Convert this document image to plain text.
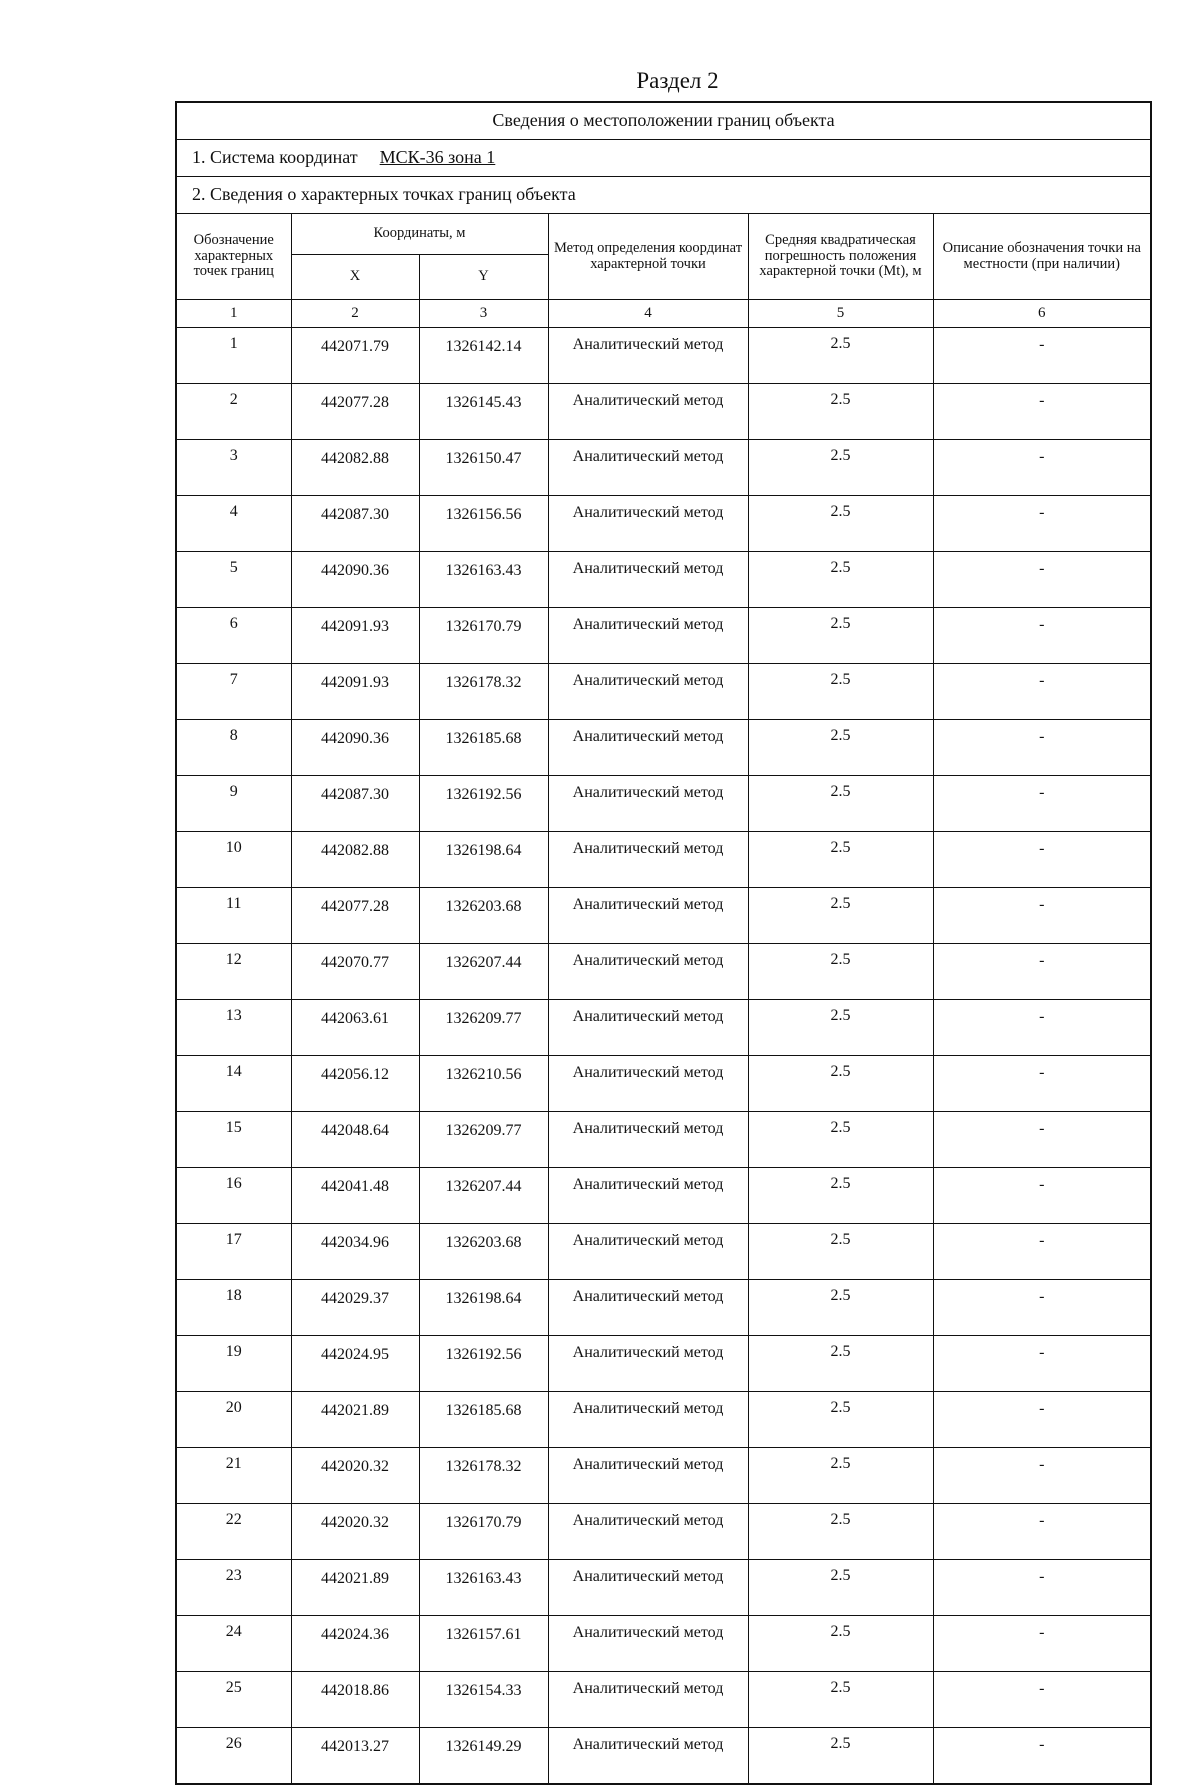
Раздел 2
Сведения о местоположении границ объекта					
1. Система координат МСК-36 зона 1					
2. Сведения о характерных точках границ объекта					
Обозначение характерных точек границ	Координаты, м		Метод определения координат характерной точки	Средняя квадратическая погрешность положения характерной точки (Mt), м	Описание обозначения точки на местности (при наличии)
	X	Y			
1	2	3	4	5	6
1	442071.79	1326142.14	Аналитический метод	2.5	-
2	442077.28	1326145.43	Аналитический метод	2.5	-
3	442082.88	1326150.47	Аналитический метод	2.5	-
4	442087.30	1326156.56	Аналитический метод	2.5	-
5	442090.36	1326163.43	Аналитический метод	2.5	-
6	442091.93	1326170.79	Аналитический метод	2.5	-
7	442091.93	1326178.32	Аналитический метод	2.5	-
8	442090.36	1326185.68	Аналитический метод	2.5	-
9	442087.30	1326192.56	Аналитический метод	2.5	-
10	442082.88	1326198.64	Аналитический метод	2.5	-
11	442077.28	1326203.68	Аналитический метод	2.5	-
12	442070.77	1326207.44	Аналитический метод	2.5	-
13	442063.61	1326209.77	Аналитический метод	2.5	-
14	442056.12	1326210.56	Аналитический метод	2.5	-
15	442048.64	1326209.77	Аналитический метод	2.5	-
16	442041.48	1326207.44	Аналитический метод	2.5	-
17	442034.96	1326203.68	Аналитический метод	2.5	-
18	442029.37	1326198.64	Аналитический метод	2.5	-
19	442024.95	1326192.56	Аналитический метод	2.5	-
20	442021.89	1326185.68	Аналитический метод	2.5	-
21	442020.32	1326178.32	Аналитический метод	2.5	-
22	442020.32	1326170.79	Аналитический метод	2.5	-
23	442021.89	1326163.43	Аналитический метод	2.5	-
24	442024.36	1326157.61	Аналитический метод	2.5	-
25	442018.86	1326154.33	Аналитический метод	2.5	-
26	442013.27	1326149.29	Аналитический метод	2.5	-
